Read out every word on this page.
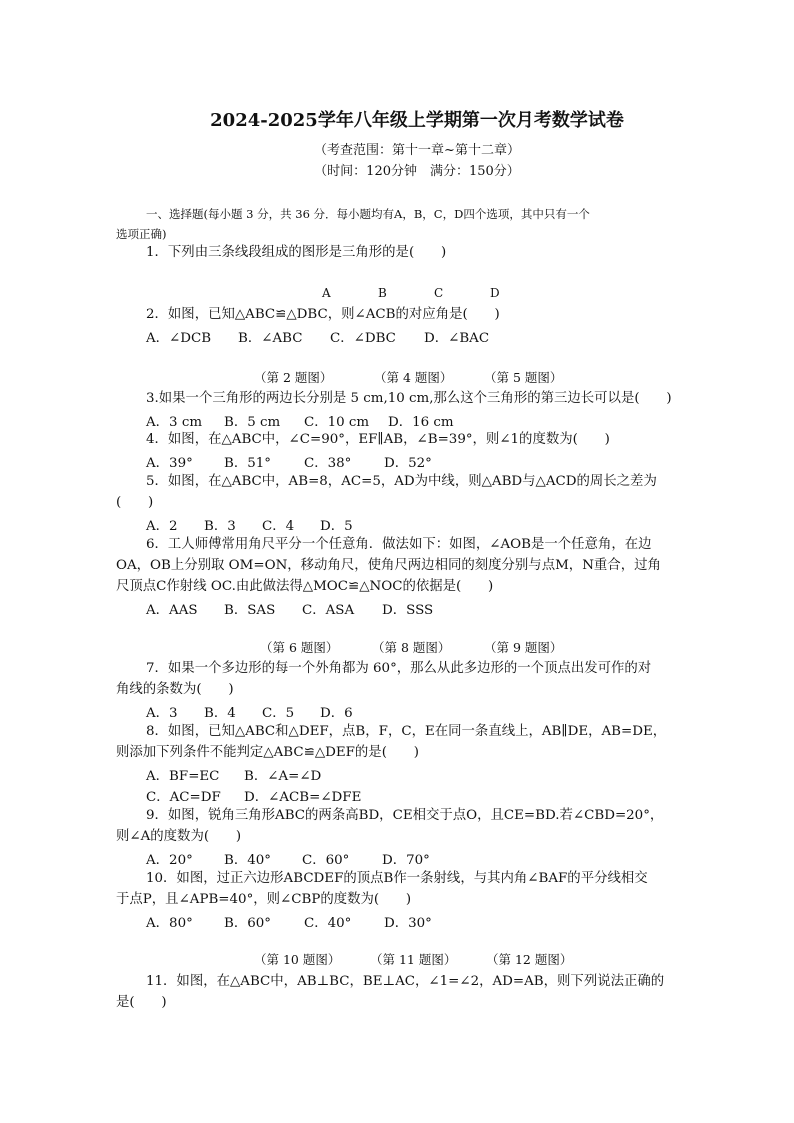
2024-2025学年八年级上学期第一次月考数学试卷
（考查范围：第十一章~第十二章）
（时间：120分钟　满分：150分）
一、选择题(每小题 3 分，共 36 分．每小题均有A，B，C，D四个选项，其中只有一个
选项正确)
1．下列由三条线段组成的图形是三角形的是(　　)
A	B	C	D
2．如图，已知△ABC≌△DBC，则∠ACB的对应角是(　　)
A．∠DCB B．∠ABC C．∠DBC D．∠BAC
（第 2 题图）	（第 4 题图）	（第 5 题图）
3.如果一个三角形的两边长分别是 5 cm,10 cm,那么这个三角形的第三边长可以是(　　)
A．3 cm B．5 cm C．10 cm D．16 cm
4．如图，在△ABC中，∠C=90°，EF∥AB，∠B=39°，则∠1的度数为(　　)
A．39° B．51° C．38° D．52°
5．如图，在△ABC中，AB=8，AC=5，AD为中线，则△ABD与△ACD的周长之差为
(　　)
A．2 B．3 C．4 D．5
6．工人师傅常用角尺平分一个任意角．做法如下：如图，∠AOB是一个任意角，在边
OA，OB上分别取 OM=ON，移动角尺，使角尺两边相同的刻度分别与点M，N重合，过角
尺顶点C作射线 OC.由此做法得△MOC≌△NOC的依据是(　　)
A．AAS B．SAS C．ASA D．SSS
（第 6 题图）	（第 8 题图）	（第 9 题图）
7．如果一个多边形的每一个外角都为 60°，那么从此多边形的一个顶点出发可作的对
角线的条数为(　　)
A．3 B．4 C．5 D．6
8．如图，已知△ABC和△DEF，点B，F，C，E在同一条直线上，AB∥DE，AB=DE，
则添加下列条件不能判定△ABC≌△DEF的是(　　)
A．BF=EC B．∠A=∠D
C．AC=DF D．∠ACB=∠DFE
9．如图，锐角三角形ABC的两条高BD，CE相交于点O，且CE=BD.若∠CBD=20°，
则∠A的度数为(　　)
A．20° B．40° C．60° D．70°
10．如图，过正六边形ABCDEF的顶点B作一条射线，与其内角∠BAF的平分线相交
于点P，且∠APB=40°，则∠CBP的度数为(　　)
A．80° B．60° C．40° D．30°
（第 10 题图） （第 11 题图） （第 12 题图）
11．如图，在△ABC中，AB⊥BC，BE⊥AC，∠1=∠2，AD=AB，则下列说法正确的
是(　　)
